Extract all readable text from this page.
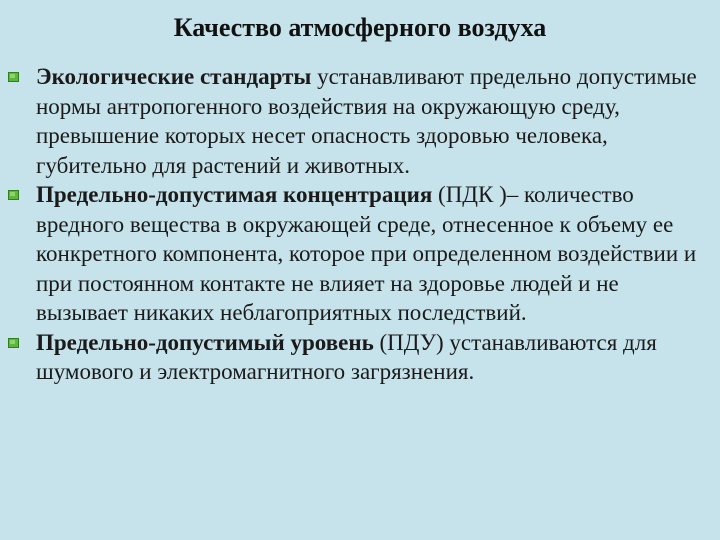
Качество атмосферного воздуха
Экологические стандарты устанавливают предельно допустимые нормы антропогенного воздействия на окружающую среду, превышение которых несет опасность здоровью человека, губительно для растений и животных.
Предельно-допустимая концентрация (ПДК )– количество вредного вещества в окружающей среде, отнесенное к объему ее конкретного компонента, которое при определенном воздействии и при постоянном контакте не влияет на здоровье людей и не вызывает никаких неблагоприятных последствий.
Предельно-допустимый уровень (ПДУ) устанавливаются для шумового и электромагнитного загрязнения.
